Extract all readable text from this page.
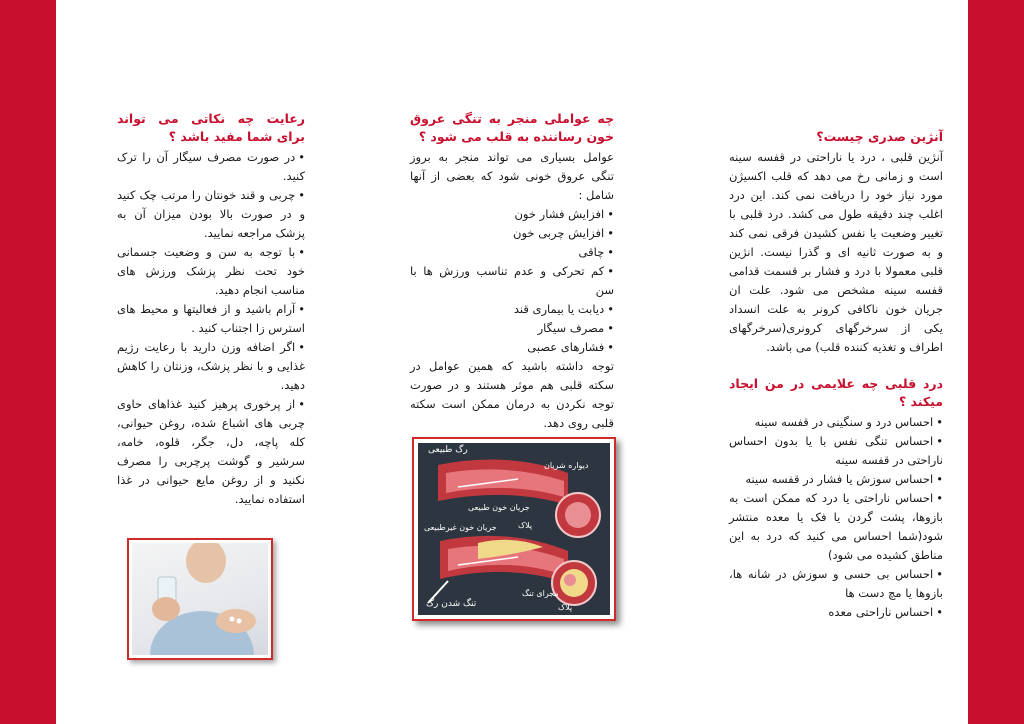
آنژین صدری چیست؟

آنژین قلبی ، درد یا ناراحتی در قفسه سینه است و زمانی رخ می دهد که قلب اکسیژن مورد نیاز خود را دریافت نمی کند. این درد اغلب چند دقیقه طول می کشد. درد قلبی با تغییر وضعیت یا نفس کشیدن فرقی نمی کند و به صورت ثانیه ای و گذرا نیست. انژین قلبی معمولا با درد و فشار بر قسمت قدامی قفسه سینه مشخص می شود. علت ان جریان خون ناکافی کرونر به علت انسداد یکی از سرخرگهای کرونری(سرخرگهای اطراف و تغذیه کننده قلب) می باشد.

درد قلبی چه علایمی در من ایجاد میکند ؟
• احساس درد و سنگینی در قفسه سینه
• احساس تنگی نفس با یا بدون احساس ناراحتی در قفسه سینه
• احساس سوزش یا فشار در قفسه سینه
• احساس ناراحتی یا درد که ممکن است به بازوها، پشت گردن یا فک یا معده منتشر شود(شما احساس می کنید که درد به این مناطق کشیده می شود)
• احساس بی حسی و سوزش در شانه ها، بازوها یا مچ دست ها
• احساس ناراحتی معده
چه عواملی منجر به تنگی عروق خون رساننده به قلب می شود ؟

عوامل بسیاری می تواند منجر به بروز تنگی عروق خونی شود که بعضی از آنها شامل :

• افزایش فشار خون
• افزایش چربی خون
• چاقی
• کم تحرکی و عدم تناسب ورزش ها با سن
• دیابت یا بیماری قند
• مصرف سیگار
• فشارهای عصبی

توجه داشته باشید که همین عوامل در سکته قلبی هم موثر هستند و در صورت توجه نکردن به درمان ممکن است سکته قلبی روی دهد.

رگ طبیعی
دیواره شریان
جریان خون طبیعی
جریان خون غیرطبیعی	پلاک
مجرای تنگ
پلاک
تنگ شدن رگ
رعایت چه نکاتی می تواند برای شما مفید باشد ؟
• در صورت مصرف سیگار آن را ترک کنید.
• چربی و قند خونتان را مرتب چک کنید و در صورت بالا بودن میزان آن به پزشک مراجعه نمایید.
• با توجه به سن و وضعیت جسمانی خود تحت نظر پزشک ورزش های مناسب انجام دهید.
• آرام باشید و از فعالیتها و محیط های استرس زا اجتناب کنید .
• اگر اضافه وزن دارید با رعایت رژیم غذایی و با نظر پزشک، وزنتان را کاهش دهید.
• از پرخوری پرهیز کنید غذاهای حاوی چربی های اشباع شده، روغن حیوانی، کله پاچه، دل، جگر، قلوه، خامه، سرشیر و گوشت پرچربی را مصرف نکنید و از روغن مایع حیوانی در غذا استفاده نمایید.
